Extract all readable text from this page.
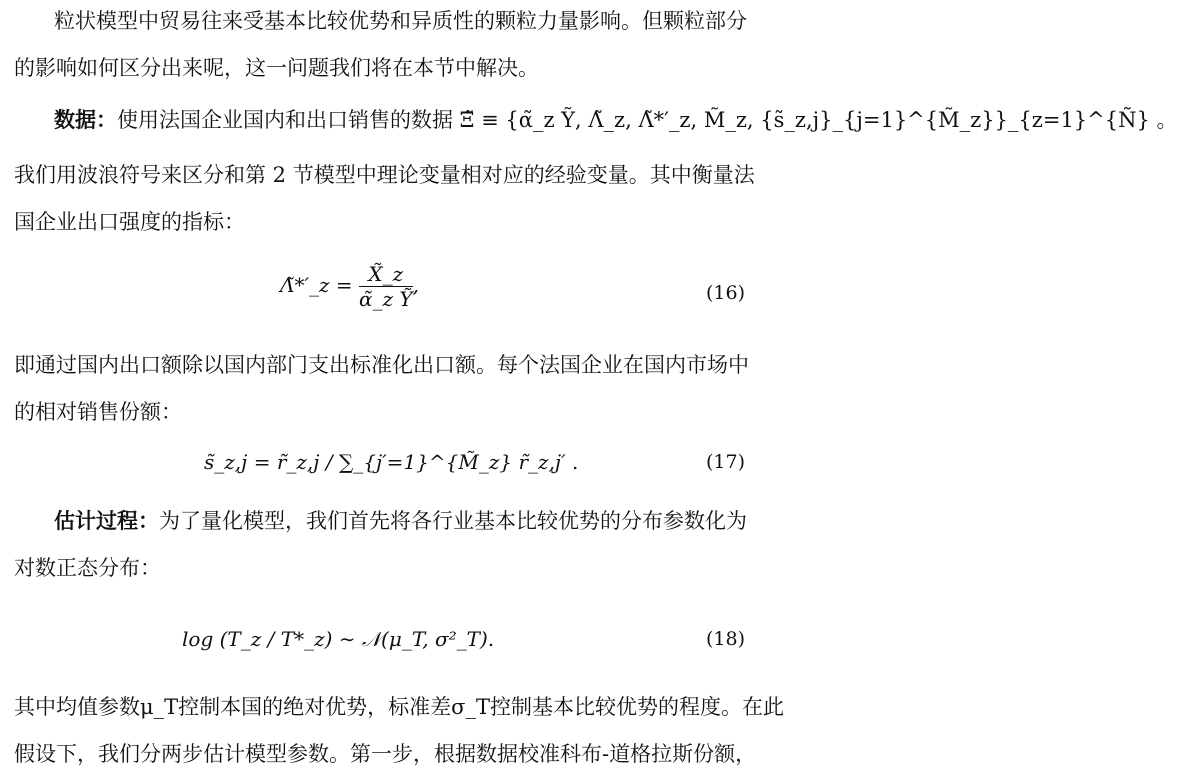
粒状模型中贸易往来受基本比较优势和异质性的颗粒力量影响。但颗粒部分
的影响如何区分出来呢，这一问题我们将在本节中解决。
数据：使用法国企业国内和出口销售的数据 Ξ̃ ≡ {α̃_z Ỹ, Λ̃_z, Λ̃*′_z, M̃_z, {s̃_z,j}_{j=1}^{M̃_z}}_{z=1}^{Ñ} 。
我们用波浪符号来区分和第 2 节模型中理论变量相对应的经验变量。其中衡量法
国企业出口强度的指标：
Λ̃*′_z = $\frac{X̃\_z}{\text{α̃\_z Ỹ}}$ ,	(16)
即通过国内出口额除以国内部门支出标准化出口额。每个法国企业在国内市场中
的相对销售份额：
s̃_z,j = r̃_z,j / ∑_{j′=1}^{M̃_z} r̃_z,j′ .	(17)
估计过程：为了量化模型，我们首先将各行业基本比较优势的分布参数化为
对数正态分布：
log (T_z / T*_z) ∼ 𝒩(μ_T, σ²_T).	(18)
其中均值参数μ_T控制本国的绝对优势，标准差σ_T控制基本比较优势的程度。在此
假设下，我们分两步估计模型参数。第一步，根据数据校准科布-道格拉斯份额，
